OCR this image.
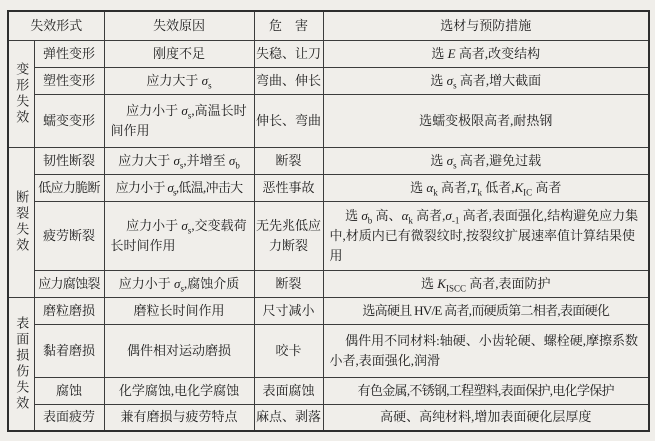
失效形式		失效原因	危　害	选材与预防措施
变形失效	弹性变形	刚度不足	失稳、让刀	选 E 高者,改变结构
	塑性变形	应力大于 $\sigma_s$	弯曲、伸长	选 $\sigma_s$ 高者,增大截面
	蠕变变形	应力小于 $\sigma_s$,高温长时间作用	伸长、弯曲	选蠕变极限高者,耐热钢
断裂失效	韧性断裂	应力大于 $\sigma_s$,并增至 $\sigma_b$	断裂	选 $\sigma_s$ 高者,避免过载
	低应力脆断	应力小于 $\sigma_s$,低温,冲击大	恶性事故	选 $\alpha_k$ 高者$,T_k$ 低者$,K_{IC}$ 高者
	疲劳断裂	应力小于 $\sigma_s$,交变载荷长时间作用	无先兆低应力断裂	选 $\sigma_b$ 高、$\alpha_k$ 高者$,\sigma_{-1}$ 高者,表面强化,结构避免应力集中,材质内已有微裂纹时,按裂纹扩展速率值计算结果使用
	应力腐蚀裂	应力小于 $\sigma_s$,腐蚀介质	断裂	选 $K_{ISCC}$ 高者,表面防护
表面损伤失效	磨粒磨损	磨粒长时间作用	尺寸减小	选高硬且 HV/E 高者,而硬质第二相者,表面硬化
	黏着磨损	偶件相对运动磨损	咬卡	偶件用不同材料:轴硬、小齿轮硬、螺栓硬,摩擦系数小者,表面强化,润滑
	腐蚀	化学腐蚀,电化学腐蚀	表面腐蚀	有色金属,不锈钢,工程塑料,表面保护,电化学保护
	表面疲劳	兼有磨损与疲劳特点	麻点、剥落	高硬、高纯材料,增加表面硬化层厚度
